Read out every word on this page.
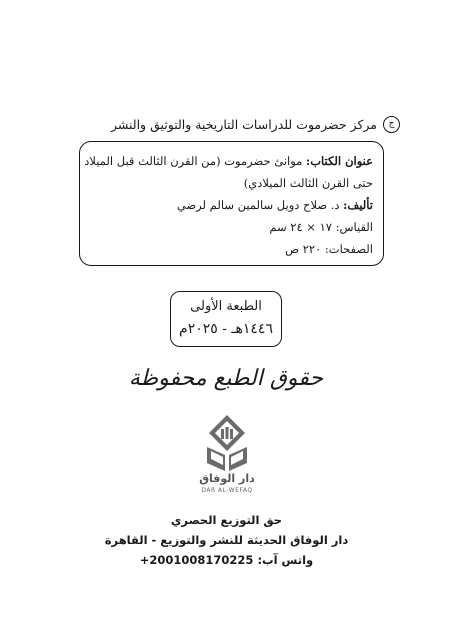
ح
مركز حضرموت للدراسات التاريخية والتوثيق والنشر
عنوان الكتاب: موانئ حضرموت (من القرن الثالث قبل الميلاد
حتى القرن الثالث الميلادي)
تأليف: د. صلاح دويل سالمين سالم لرضي
القياس: ١٧ × ٢٤ سم
الصفحات: ٢٢٠ ص
الطبعة الأولى
١٤٤٦هـ - ٢٠٢٥م
حقوق الطبع محفوظة
دار الوفاق
DAR AL-WEFAQ
حق التوزيع الحصري
دار الوفاق الحديثة للنشر والتوزيع - القاهرة
واتس آب: +2001008170225
